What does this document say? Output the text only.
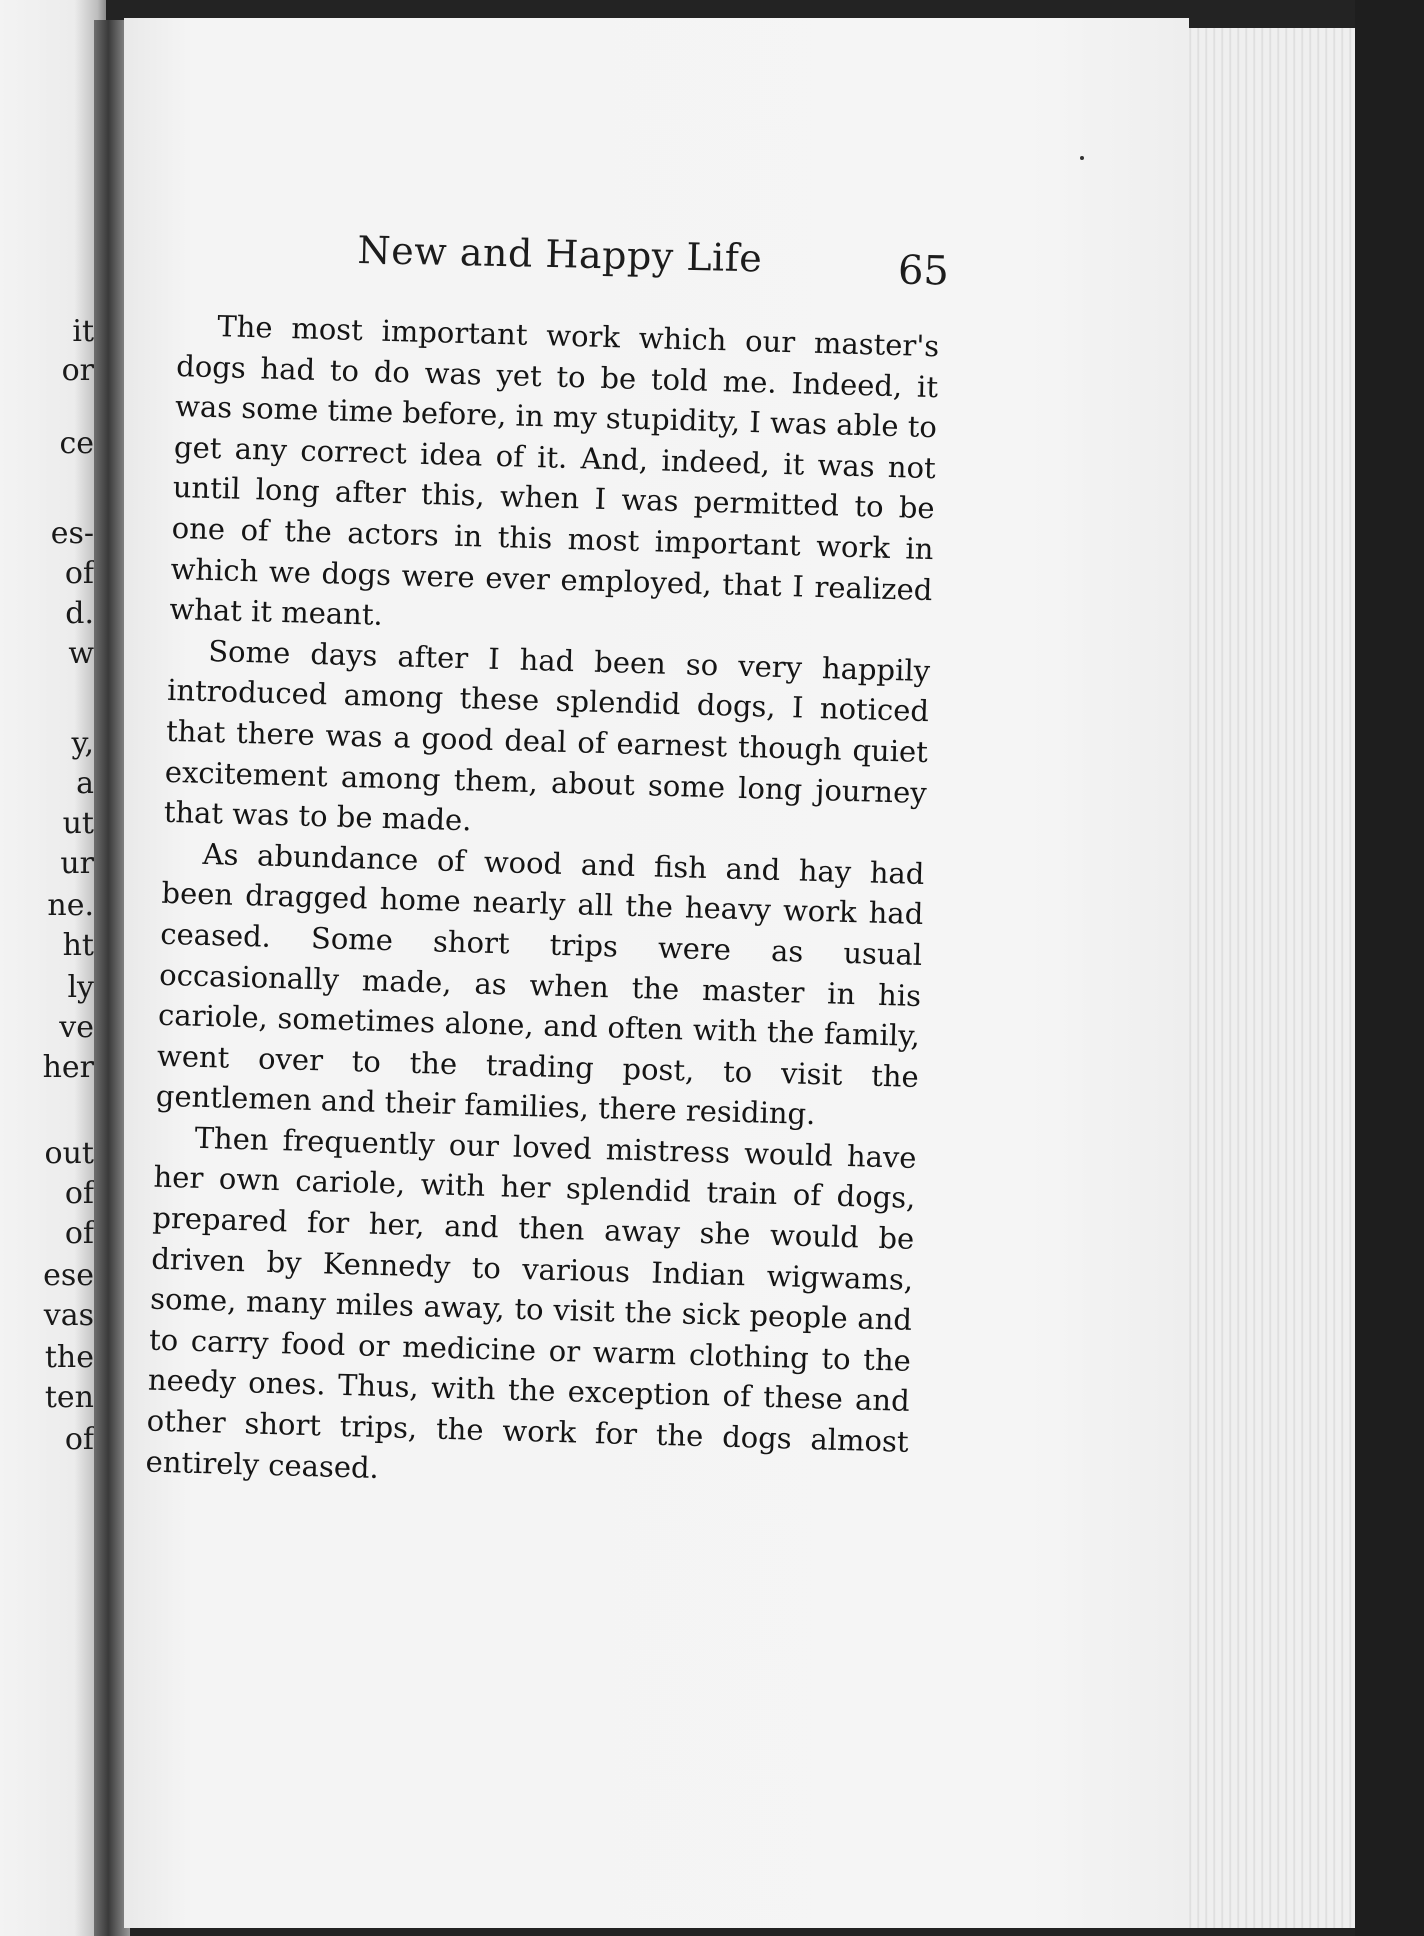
it
or
ce
es-
of
d.
w
y,
a
ut
ur
ne.
ht
ly
ve
her
out
of
of
ese
vas
the
ten
of
New and Happy Life	65

The most important work which our master's dogs had to do was yet to be told me. Indeed, it was some time before, in my stupidity, I was able to get any correct idea of it. And, indeed, it was not until long after this, when I was permitted to be one of the actors in this most important work in which we dogs were ever employed, that I realized what it meant.

Some days after I had been so very happily introduced among these splendid dogs, I noticed that there was a good deal of earnest though quiet excitement among them, about some long journey that was to be made.

As abundance of wood and fish and hay had been dragged home nearly all the heavy work had ceased. Some short trips were as usual occasionally made, as when the master in his cariole, sometimes alone, and often with the family, went over to the trading post, to visit the gentlemen and their families, there residing.

Then frequently our loved mistress would have her own cariole, with her splendid train of dogs, prepared for her, and then away she would be driven by Kennedy to various Indian wigwams, some, many miles away, to visit the sick people and to carry food or medicine or warm clothing to the needy ones. Thus, with the exception of these and other short trips, the work for the dogs almost entirely ceased.
